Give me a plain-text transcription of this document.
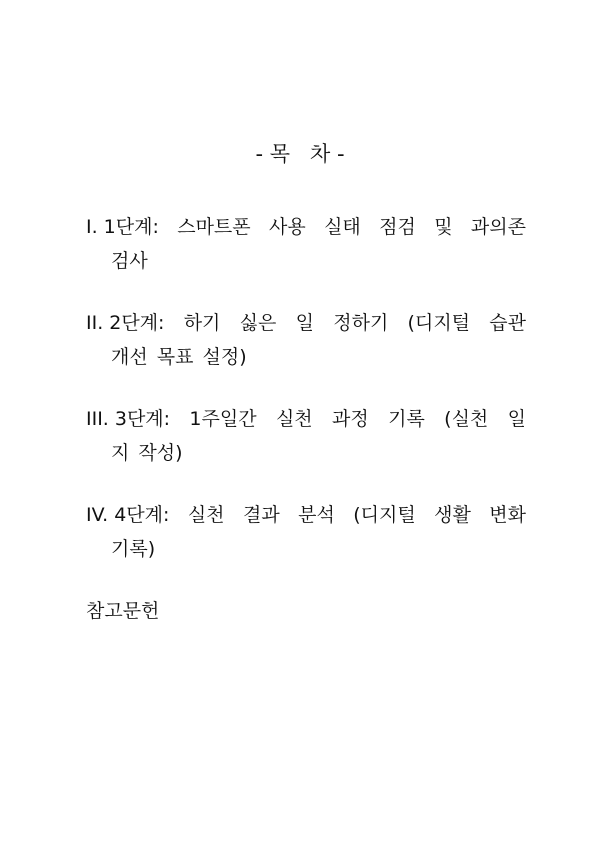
- 목   차 -
I. 1단계: 스마트폰 사용 실태 점검 및 과의존
검사
II. 2단계: 하기 싫은 일 정하기 (디지털 습관
개선 목표 설정)
III. 3단계: 1주일간 실천 과정 기록 (실천 일
지 작성)
IV. 4단계: 실천 결과 분석 (디지털 생활 변화
기록)
참고문헌
